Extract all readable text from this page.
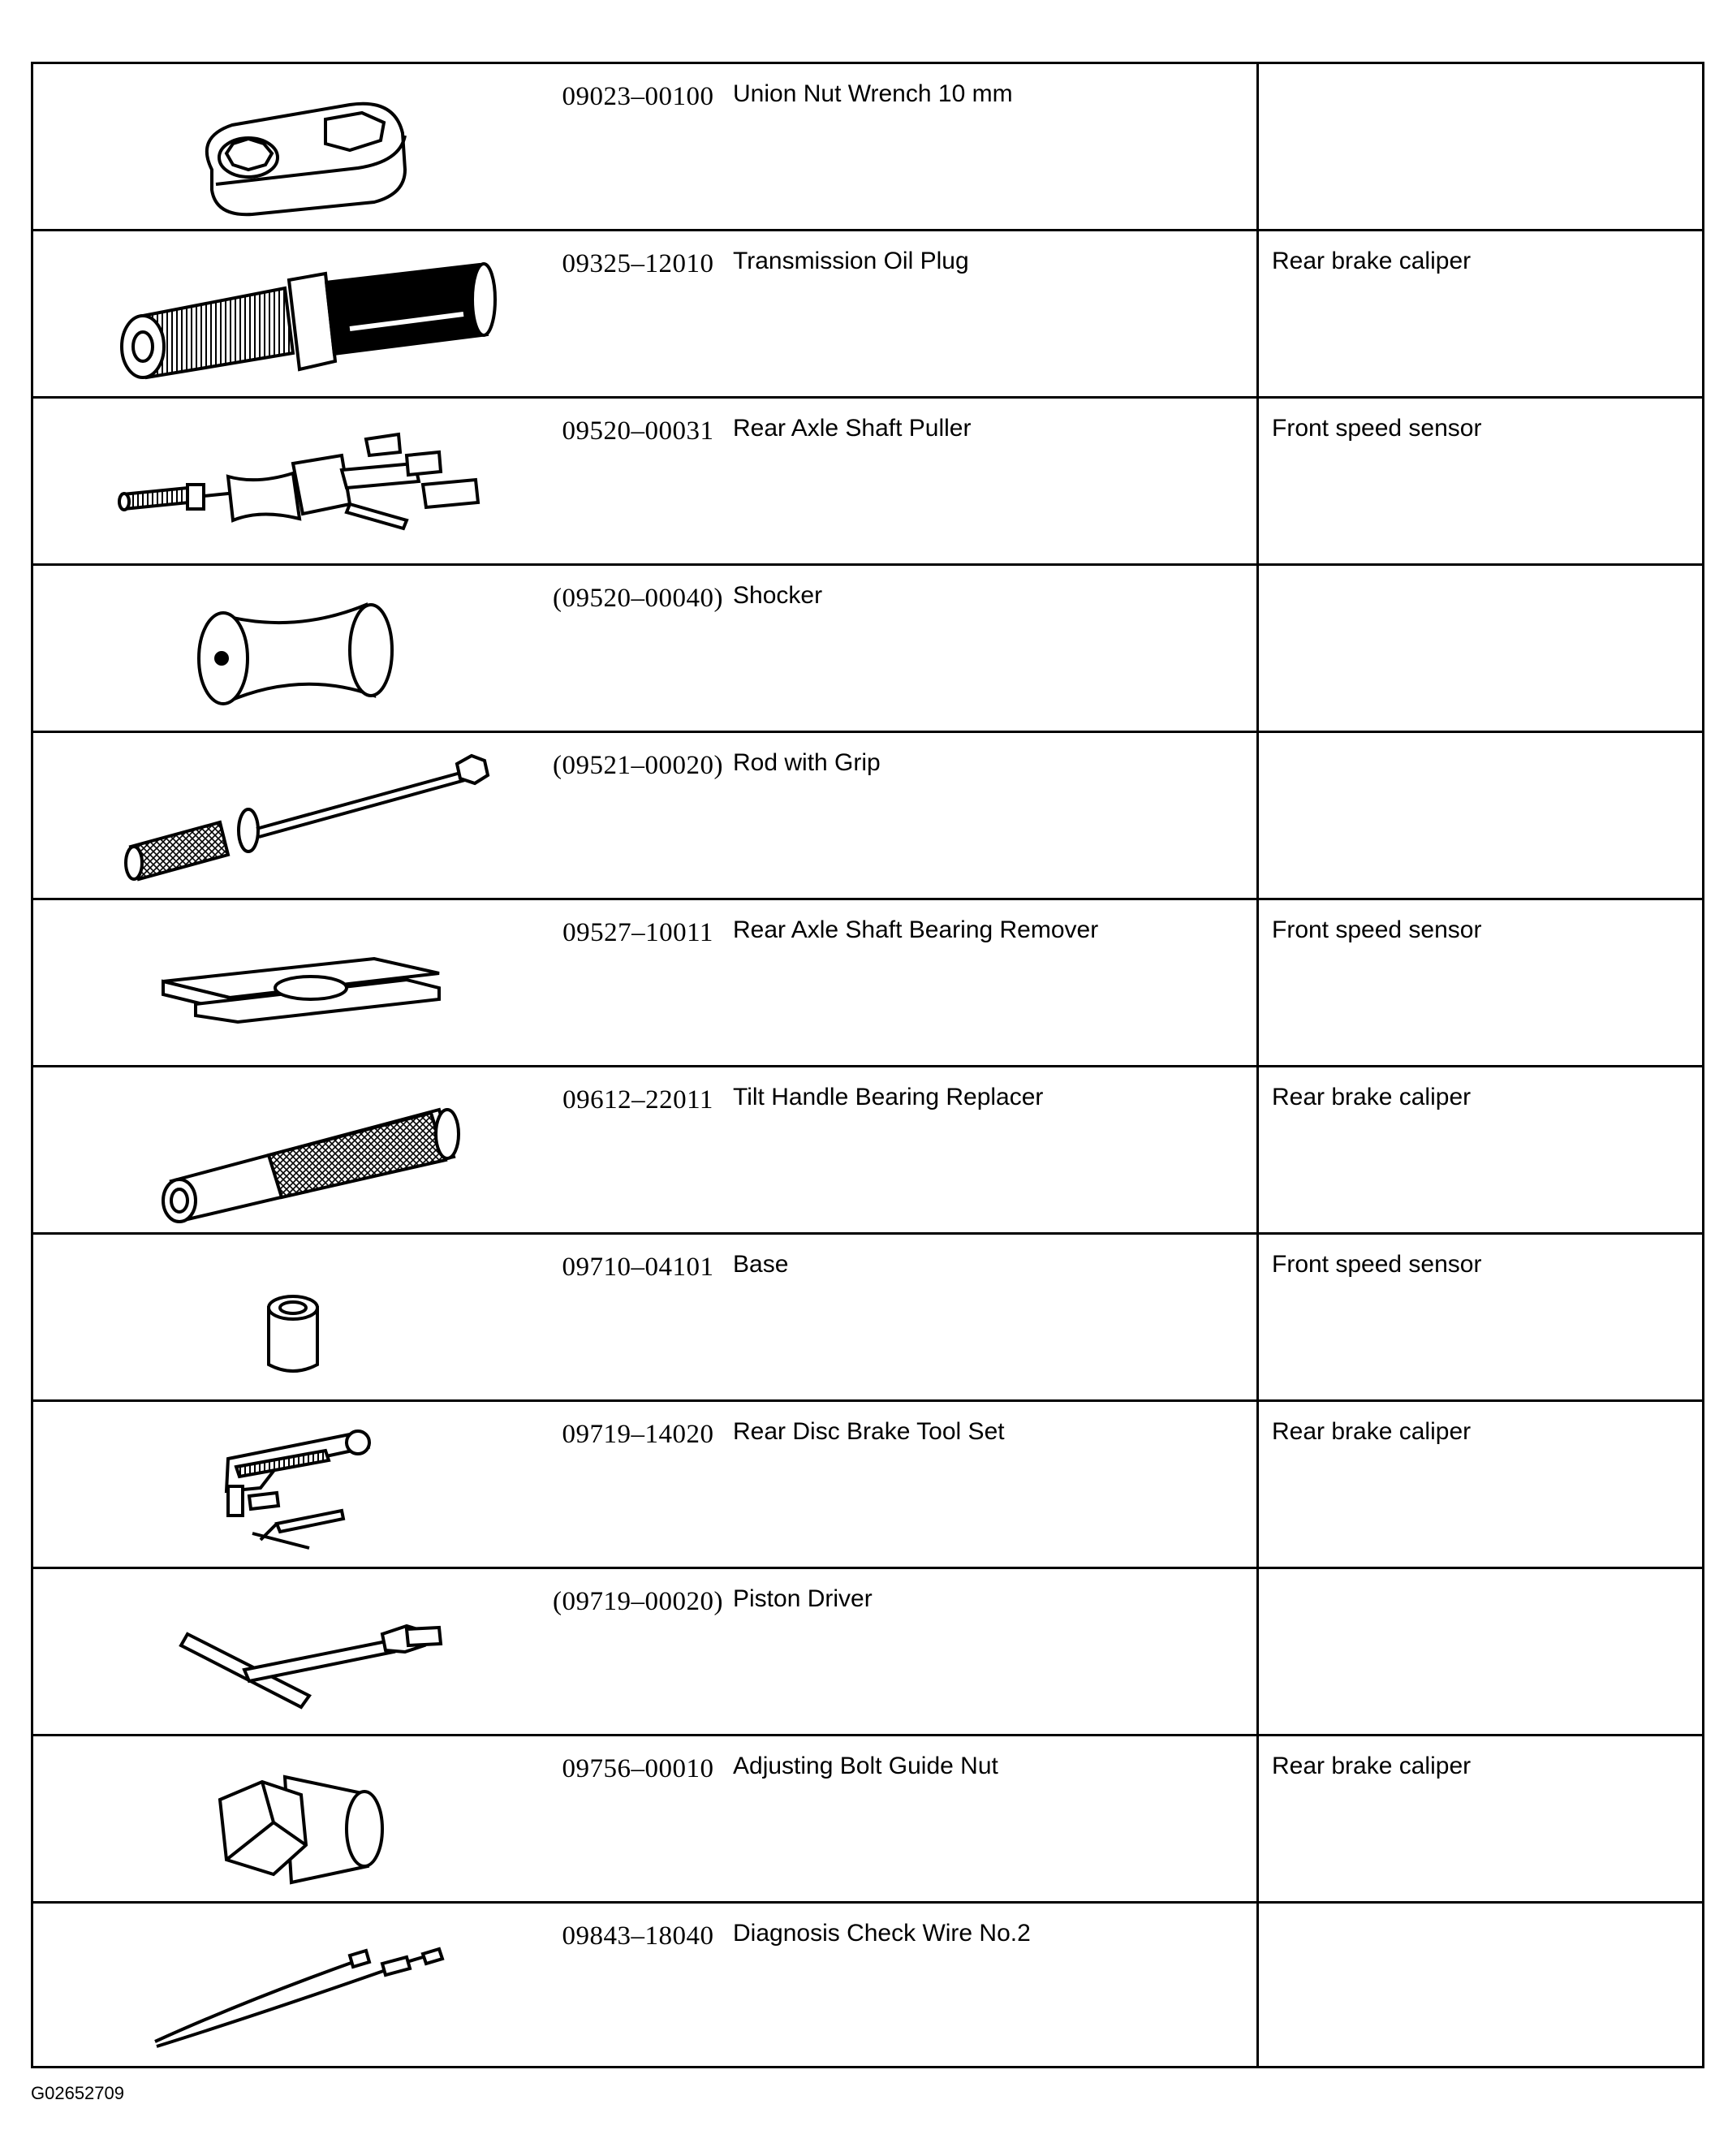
09023–00100 Union Nut Wrench 10 mm
09325–12010 Transmission Oil Plug	Rear brake caliper
09520–00031 Rear Axle Shaft Puller	Front speed sensor
(09520–00040) Shocker
(09521–00020) Rod with Grip
09527–10011 Rear Axle Shaft Bearing Remover	Front speed sensor
09612–22011 Tilt Handle Bearing Replacer	Rear brake caliper
09710–04101 Base	Front speed sensor
09719–14020 Rear Disc Brake Tool Set	Rear brake caliper
(09719–00020) Piston Driver
09756–00010 Adjusting Bolt Guide Nut	Rear brake caliper
09843–18040 Diagnosis Check Wire No.2
G02652709
